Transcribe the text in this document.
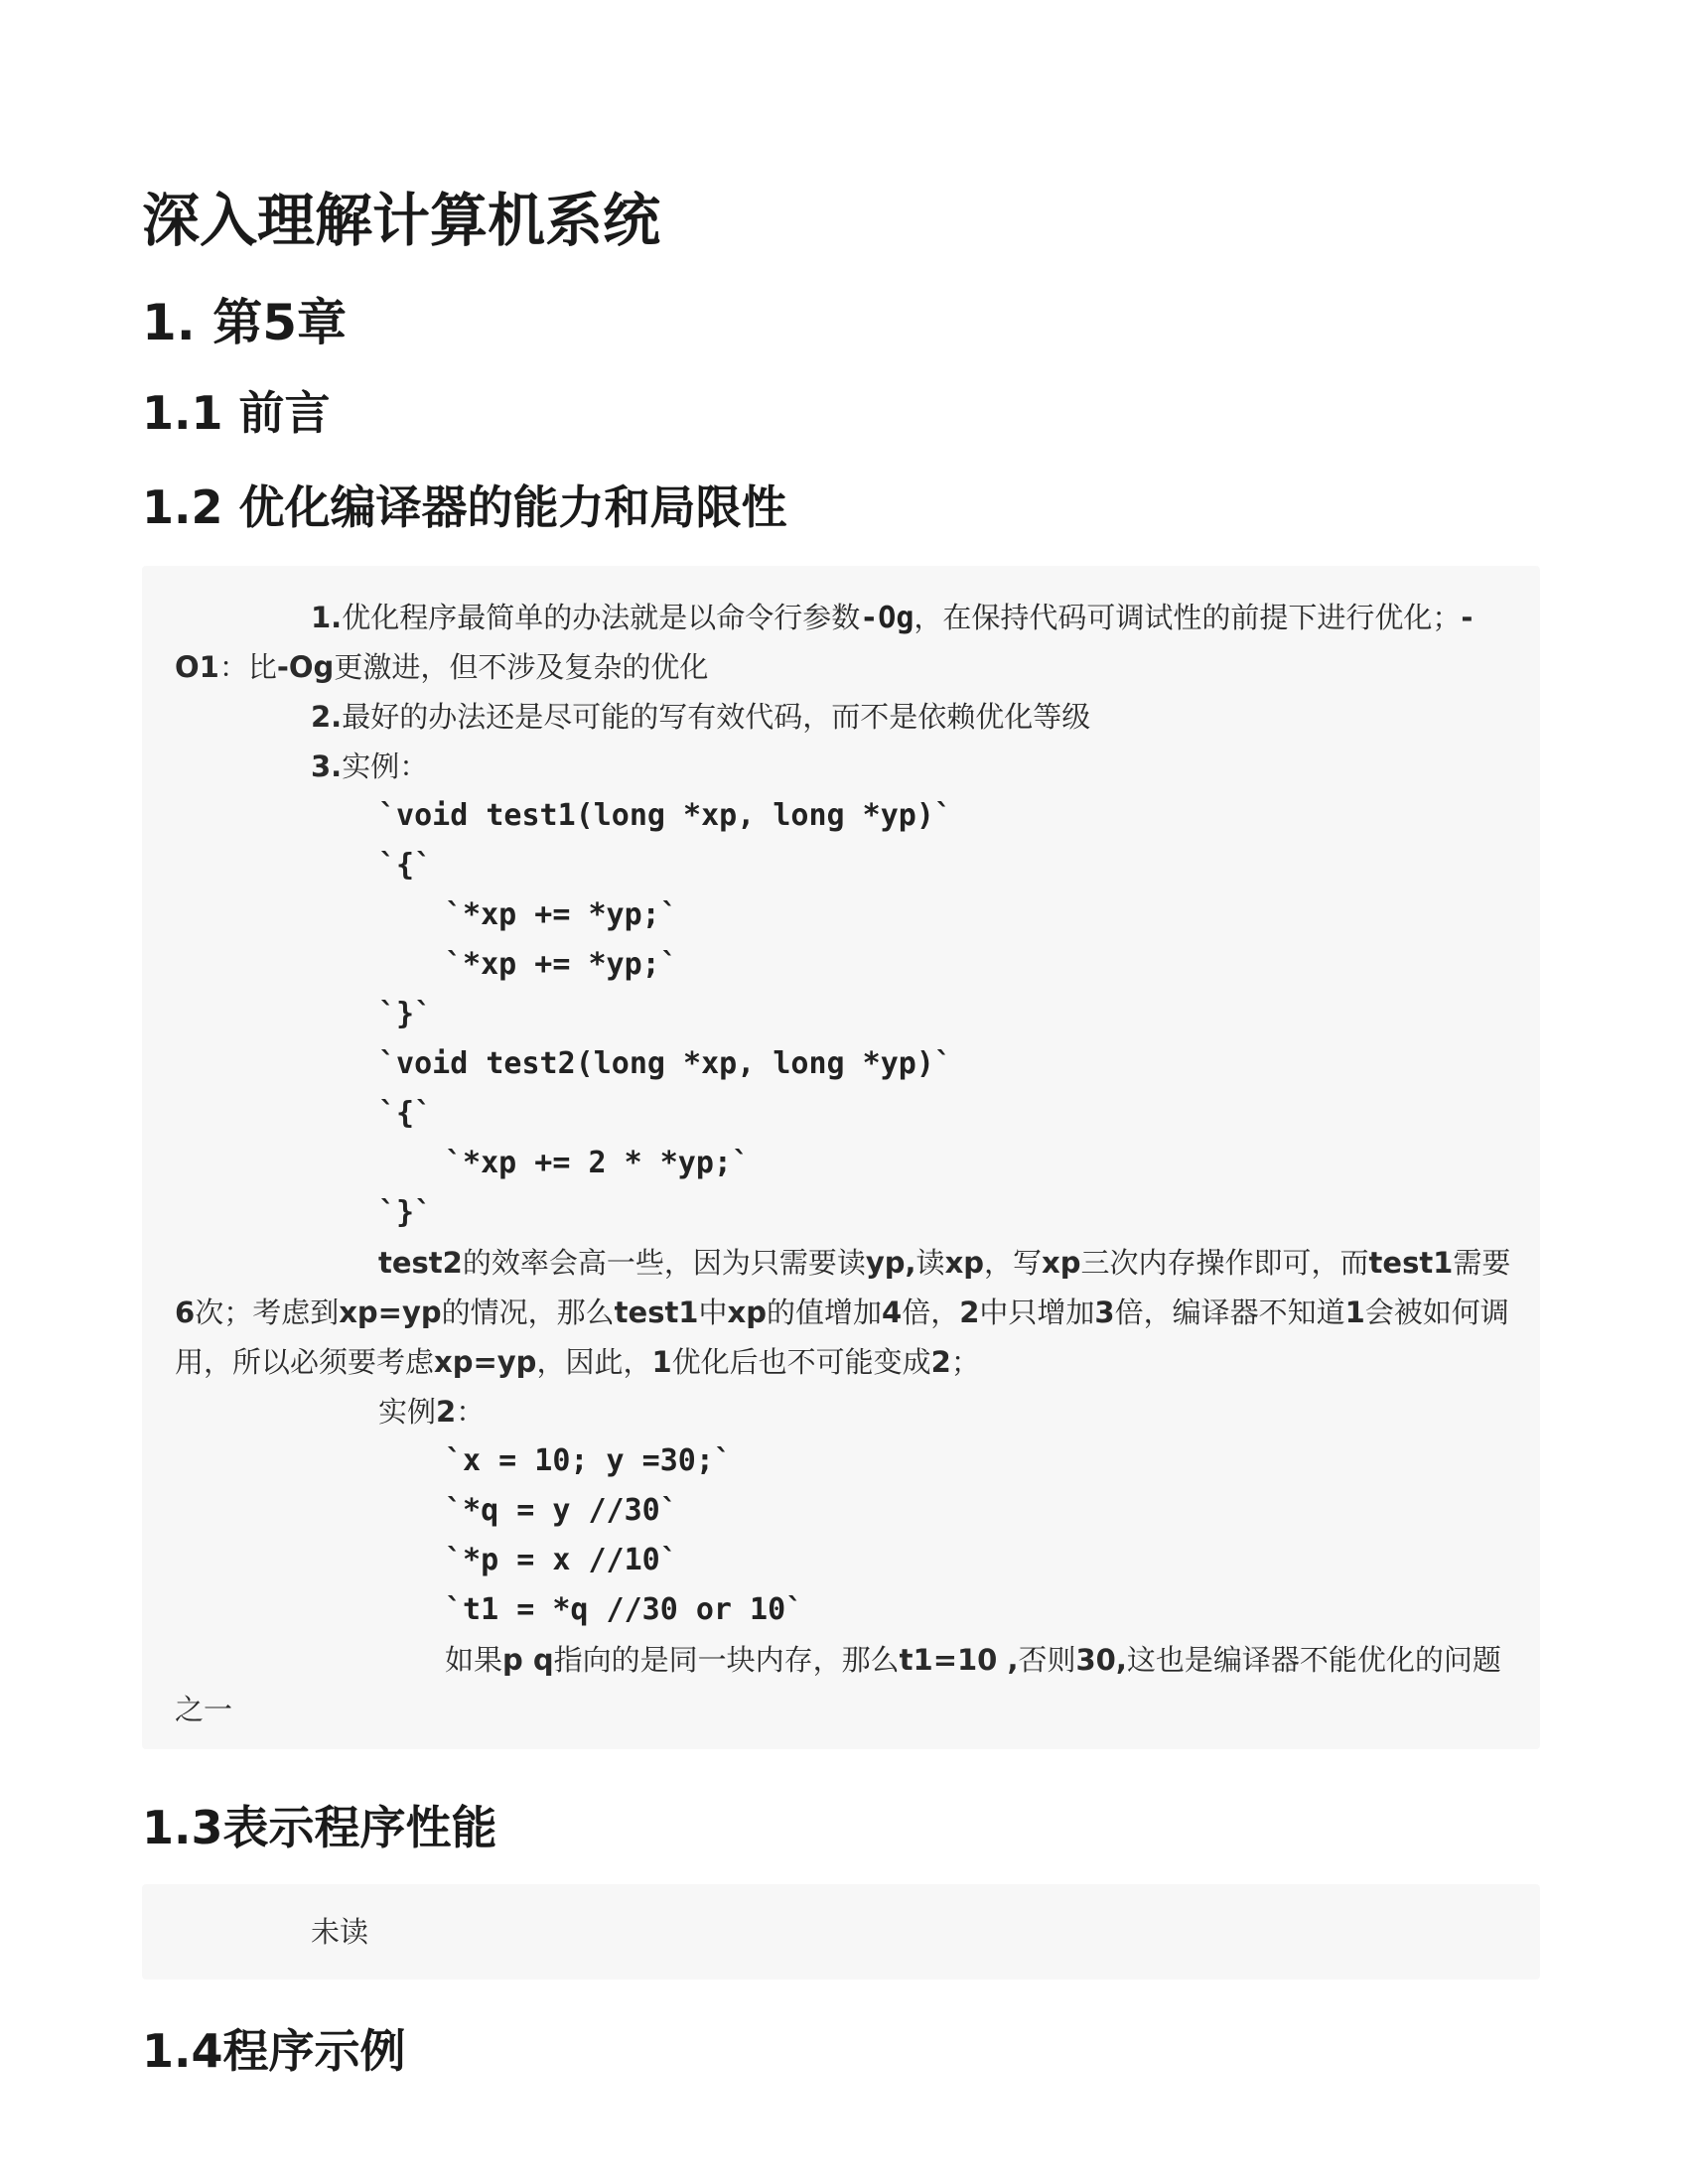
深入理解计算机系统
1. 第5章
1.1 前言
1.2 优化编译器的能力和局限性
1.优化程序最简单的办法就是以命令行参数-Og，在保持代码可调试性的前提下进行优化；-
O1：比-Og更激进，但不涉及复杂的优化
2.最好的办法还是尽可能的写有效代码，而不是依赖优化等级
3.实例：
`void test1(long *xp, long *yp)`
`{`
`*xp += *yp;`
`*xp += *yp;`
`}`
`void test2(long *xp, long *yp)`
`{`
`*xp += 2 * *yp;`
`}`
test2的效率会高一些，因为只需要读yp,读xp，写xp三次内存操作即可，而test1需要
6次；考虑到xp=yp的情况，那么test1中xp的值增加4倍，2中只增加3倍，编译器不知道1会被如何调
用，所以必须要考虑xp=yp，因此，1优化后也不可能变成2；
实例2：
`x = 10; y =30;`
`*q = y //30`
`*p = x //10`
`t1 = *q //30 or 10`
如果p q指向的是同一块内存，那么t1=10 ,否则30,这也是编译器不能优化的问题
之一
1.3表示程序性能
未读
1.4程序示例
